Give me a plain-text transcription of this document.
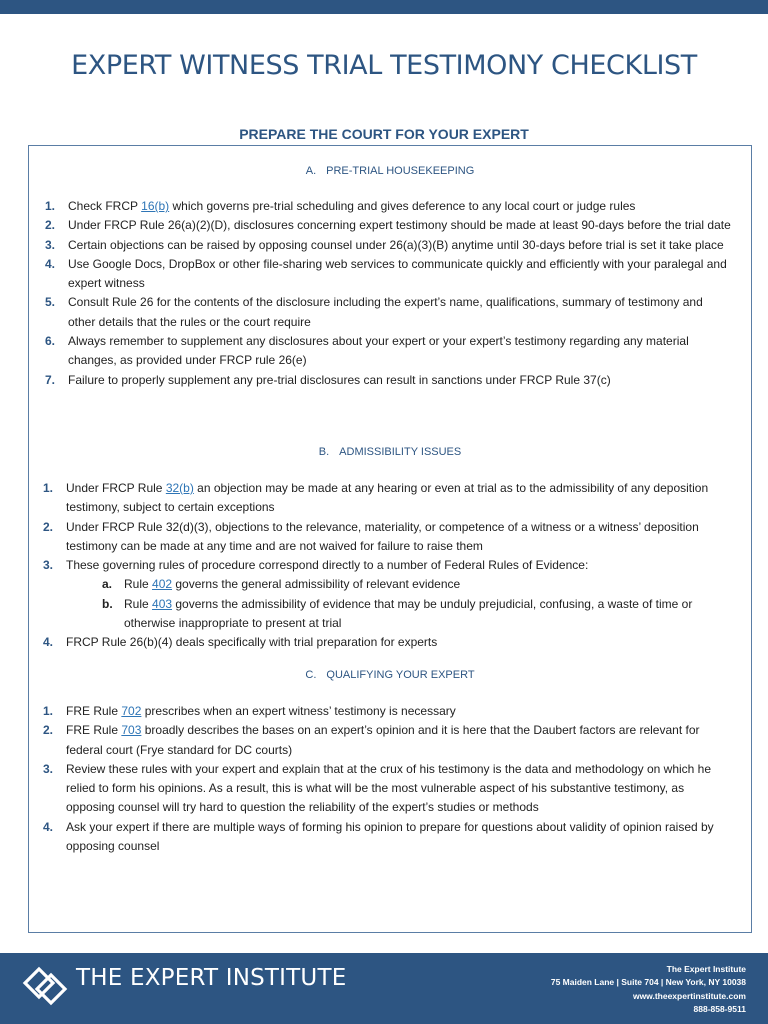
EXPERT WITNESS TRIAL TESTIMONY CHECKLIST
PREPARE THE COURT FOR YOUR EXPERT
A. PRE-TRIAL HOUSEKEEPING
1. Check FRCP 16(b) which governs pre-trial scheduling and gives deference to any local court or judge rules
2. Under FRCP Rule 26(a)(2)(D), disclosures concerning expert testimony should be made at least 90-days before the trial date
3. Certain objections can be raised by opposing counsel under 26(a)(3)(B) anytime until 30-days before trial is set it take place
4. Use Google Docs, DropBox or other file-sharing web services to communicate quickly and efficiently with your paralegal and expert witness
5. Consult Rule 26 for the contents of the disclosure including the expert’s name, qualifications, summary of testimony and other details that the rules or the court require
6. Always remember to supplement any disclosures about your expert or your expert’s testimony regarding any material changes, as provided under FRCP rule 26(e)
7. Failure to properly supplement any pre-trial disclosures can result in sanctions under FRCP Rule 37(c)
B. ADMISSIBILITY ISSUES
1. Under FRCP Rule 32(b) an objection may be made at any hearing or even at trial as to the admissibility of any deposition testimony, subject to certain exceptions
2. Under FRCP Rule 32(d)(3), objections to the relevance, materiality, or competence of a witness or a witness’ deposition testimony can be made at any time and are not waived for failure to raise them
3. These governing rules of procedure correspond directly to a number of Federal Rules of Evidence:
a. Rule 402 governs the general admissibility of relevant evidence
b. Rule 403 governs the admissibility of evidence that may be unduly prejudicial, confusing, a waste of time or otherwise inappropriate to present at trial
4. FRCP Rule 26(b)(4) deals specifically with trial preparation for experts
C. QUALIFYING YOUR EXPERT
1. FRE Rule 702 prescribes when an expert witness’ testimony is necessary
2. FRE Rule 703 broadly describes the bases on an expert’s opinion and it is here that the Daubert factors are relevant for federal court (Frye standard for DC courts)
3. Review these rules with your expert and explain that at the crux of his testimony is the data and methodology on which he relied to form his opinions. As a result, this is what will be the most vulnerable aspect of his substantive testimony, as opposing counsel will try hard to question the reliability of the expert’s studies or methods
4. Ask your expert if there are multiple ways of forming his opinion to prepare for questions about validity of opinion raised by opposing counsel
THE EXPERT INSTITUTE	The Expert Institute
75 Maiden Lane | Suite 704 | New York, NY 10038
www.theexpertinstitute.com
888-858-9511
